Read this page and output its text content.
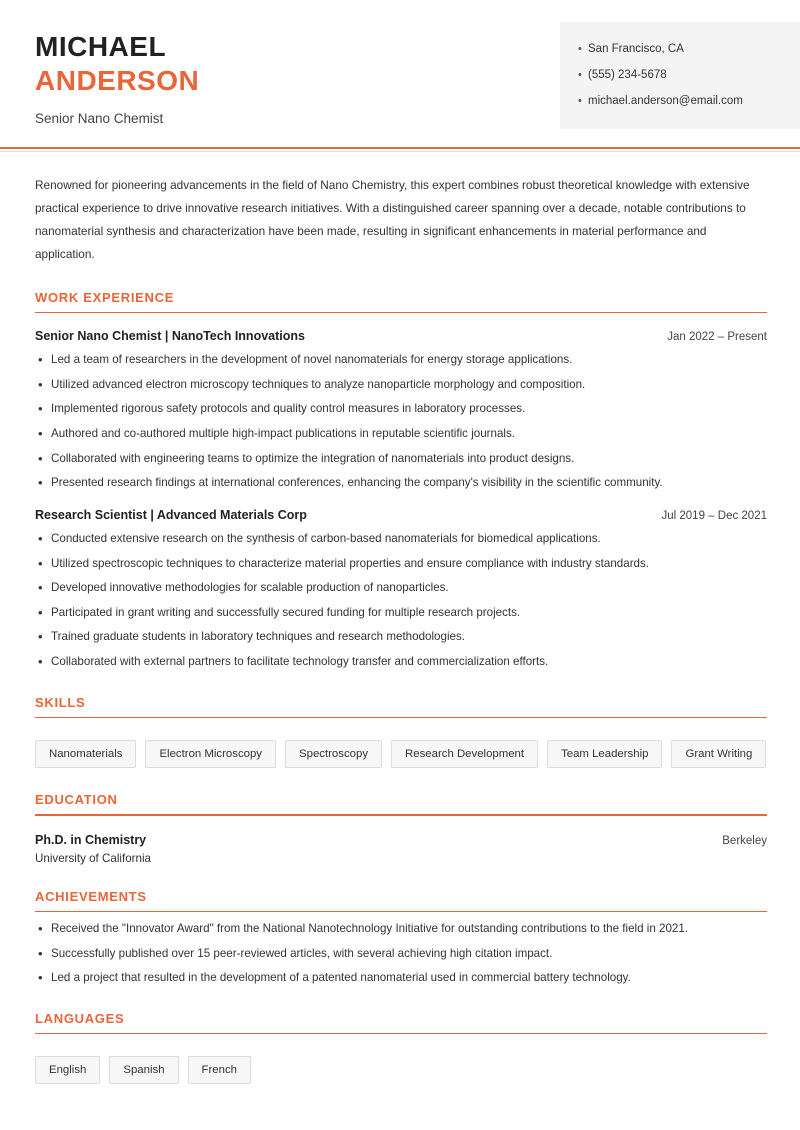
MICHAEL
ANDERSON
Senior Nano Chemist
• San Francisco, CA
• (555) 234-5678
• michael.anderson@email.com

Renowned for pioneering advancements in the field of Nano Chemistry, this expert combines robust theoretical knowledge with extensive practical experience to drive innovative research initiatives. With a distinguished career spanning over a decade, notable contributions to nanomaterial synthesis and characterization have been made, resulting in significant enhancements in material performance and application.

WORK EXPERIENCE
Senior Nano Chemist | NanoTech Innovations	Jan 2022 – Present
• Led a team of researchers in the development of novel nanomaterials for energy storage applications.
• Utilized advanced electron microscopy techniques to analyze nanoparticle morphology and composition.
• Implemented rigorous safety protocols and quality control measures in laboratory processes.
• Authored and co-authored multiple high-impact publications in reputable scientific journals.
• Collaborated with engineering teams to optimize the integration of nanomaterials into product designs.
• Presented research findings at international conferences, enhancing the company's visibility in the scientific community.
Research Scientist | Advanced Materials Corp	Jul 2019 – Dec 2021
• Conducted extensive research on the synthesis of carbon-based nanomaterials for biomedical applications.
• Utilized spectroscopic techniques to characterize material properties and ensure compliance with industry standards.
• Developed innovative methodologies for scalable production of nanoparticles.
• Participated in grant writing and successfully secured funding for multiple research projects.
• Trained graduate students in laboratory techniques and research methodologies.
• Collaborated with external partners to facilitate technology transfer and commercialization efforts.
SKILLS
Nanomaterials	Electron Microscopy	Spectroscopy	Research Development	Team Leadership	Grant Writing
EDUCATION
Ph.D. in Chemistry	Berkeley
University of California
ACHIEVEMENTS
• Received the "Innovator Award" from the National Nanotechnology Initiative for outstanding contributions to the field in 2021.
• Successfully published over 15 peer-reviewed articles, with several achieving high citation impact.
• Led a project that resulted in the development of a patented nanomaterial used in commercial battery technology.
LANGUAGES
English	Spanish	French
